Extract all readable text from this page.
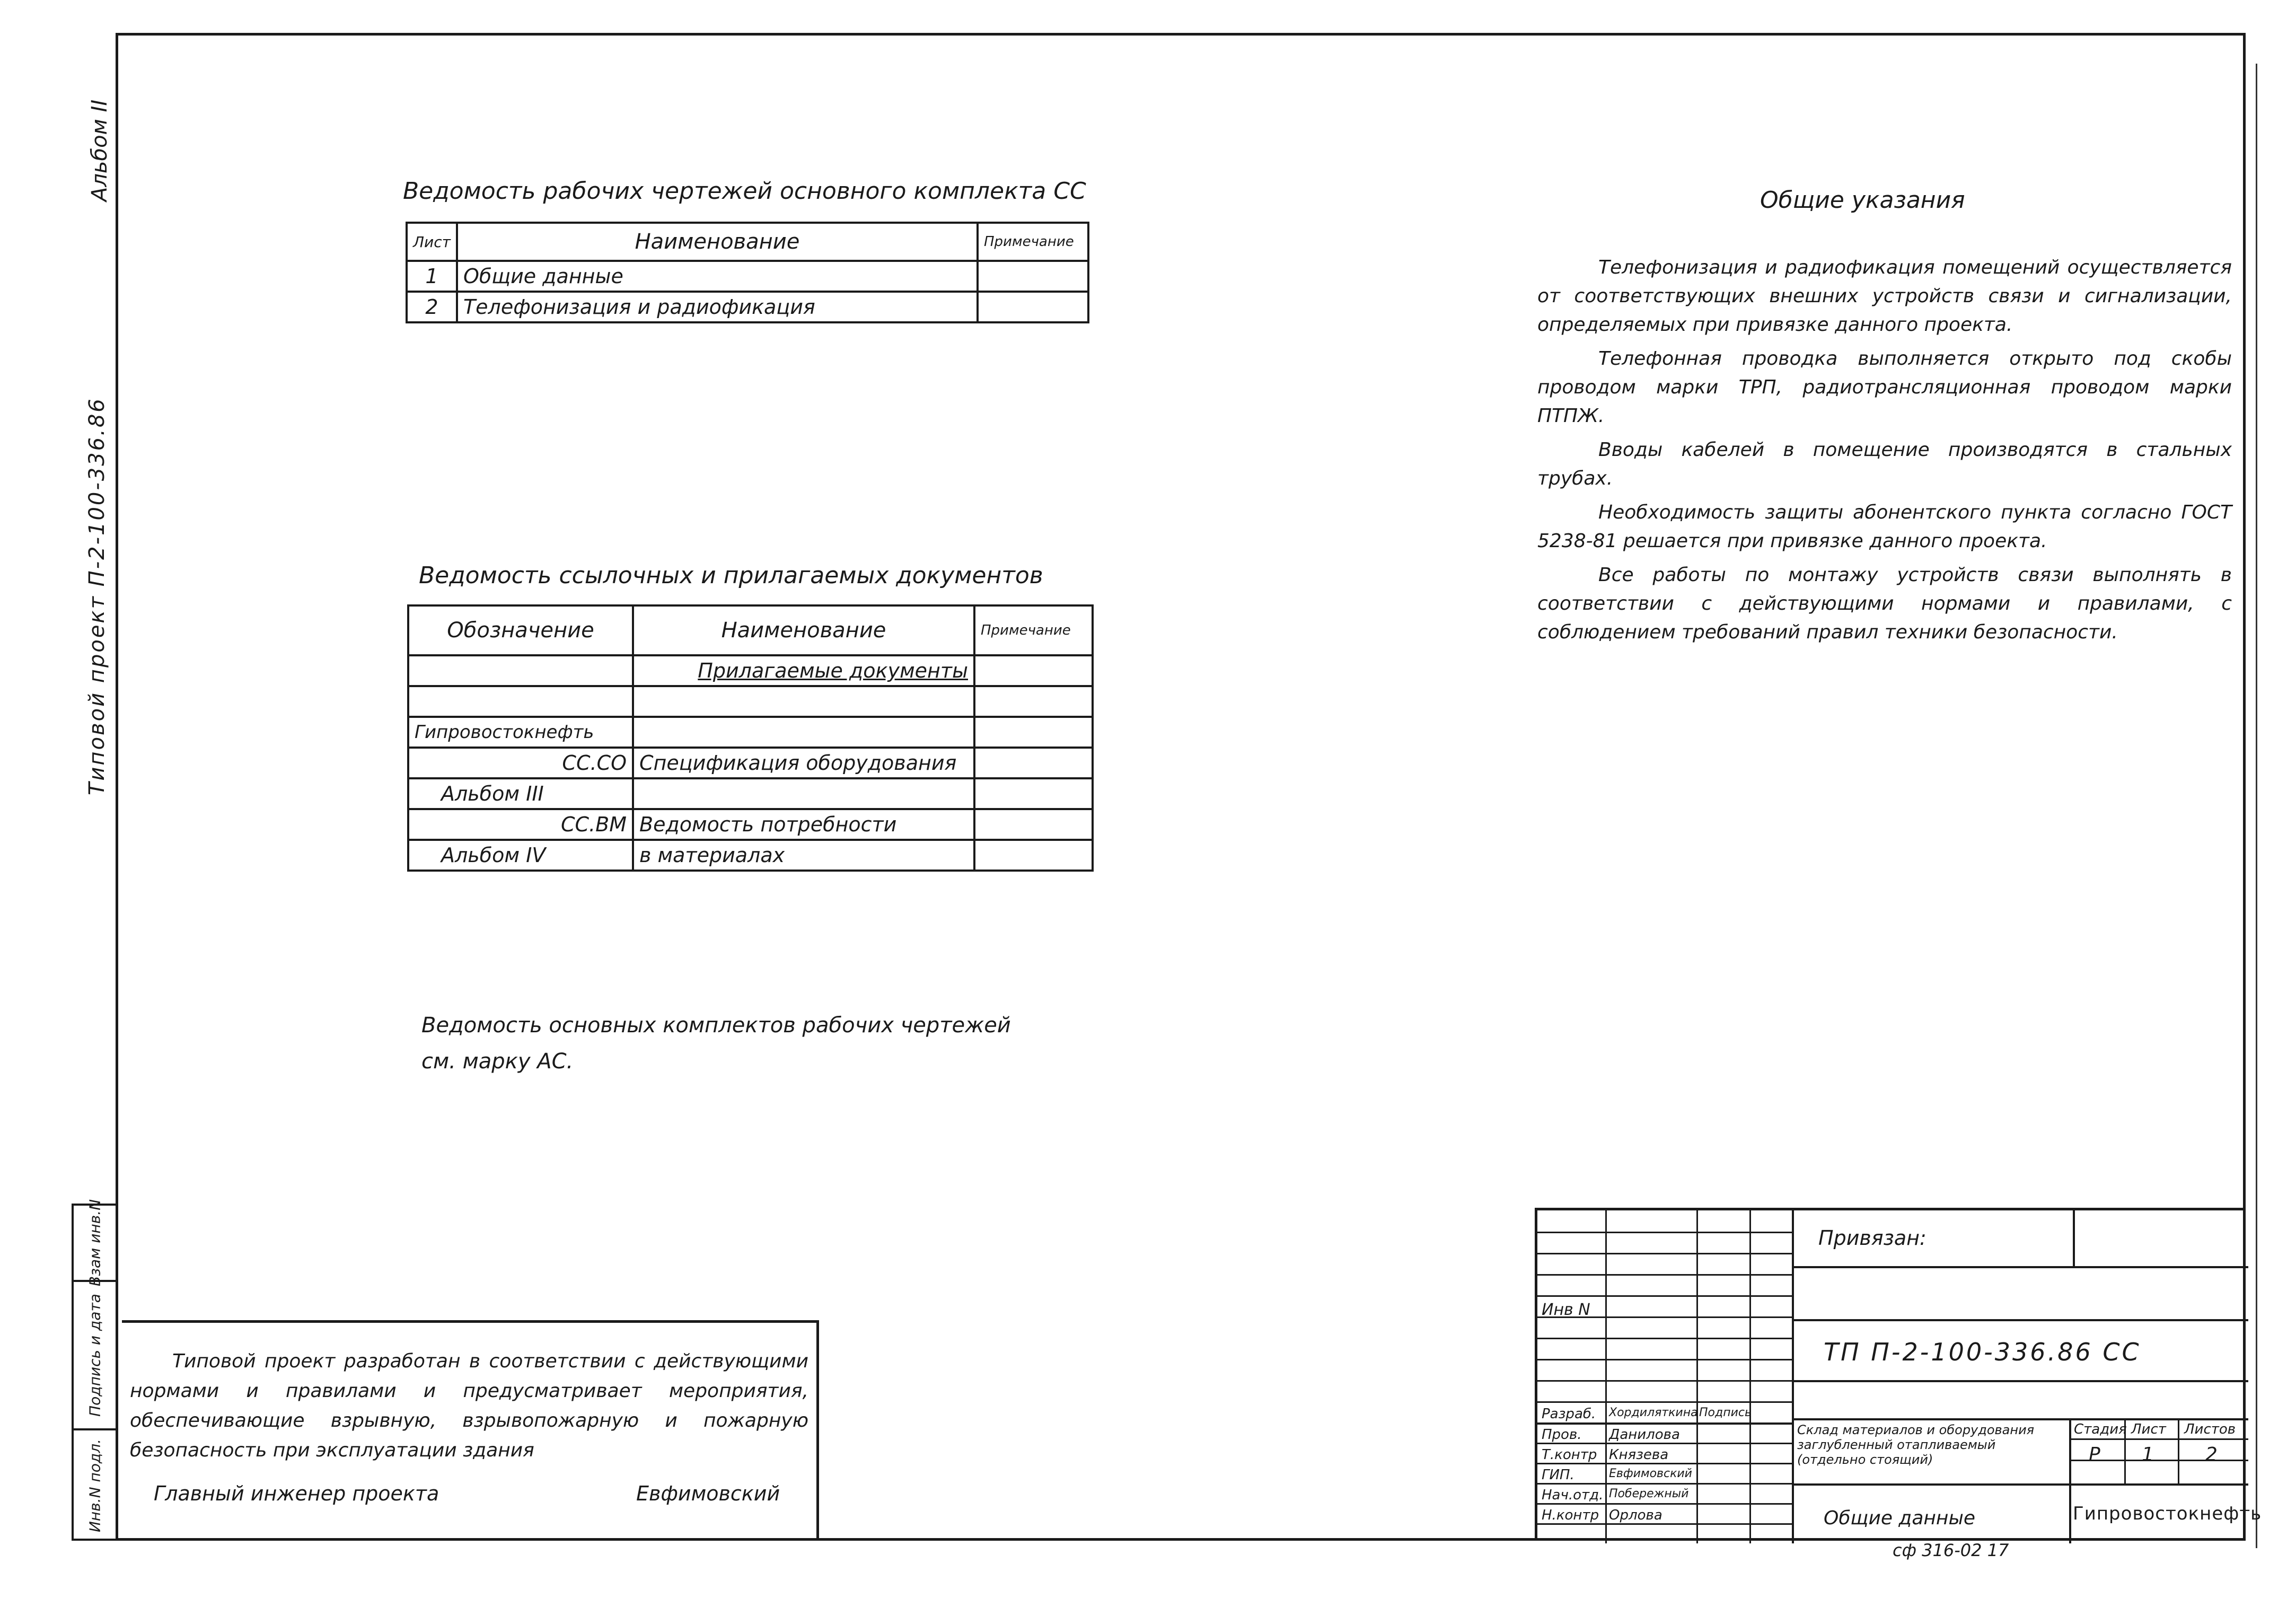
Альбом II
Типовой проект П-2-100-336.86
Взам инв.N
Подпись и дата
Инв.N подл.
Ведомость рабочих чертежей основного комплекта СС
Лист	Наименование	Примечание
1	Общие данные	
2	Телефонизация и радиофикация	
Ведомость ссылочных и прилагаемых документов
Обозначение	Наименование	Примечание
	Прилагаемые документы	

Гипровостокнефть		
СС.СО	Спецификация оборудования	
Альбом III		
СС.ВМ	Ведомость потребности	
Альбом IV	в материалах	
Ведомость основных комплектов рабочих чертежей
см. марку АС.
Общие указания

Телефонизация и радиофикация помещений осуществляется от соответствующих внешних устройств связи и сигнализации, определяемых при привязке данного проекта.

Телефонная проводка выполняется открыто под скобы проводом марки ТРП, радиотрансляционная проводом марки ПТПЖ.

Вводы кабелей в помещение производятся в стальных трубах.

Необходимость защиты абонентского пункта согласно ГОСТ 5238-81 решается при привязке данного проекта.

Все работы по монтажу устройств связи выполнять в соответствии с действующими нормами и правилами, с соблюдением требований правил техники безопасности.

Типовой проект разработан в соответствии с действующими нормами и правилами и предусматривает мероприятия, обеспечивающие взрывную, взрывопожарную и пожарную безопасность при эксплуатации здания
Главный инженер проекта	Евфимовский
Привязан:
Инв N
ТП П-2-100-336.86 СС
Разраб. Хордиляткина Подпись
Пров. Данилова
Т.контр Князева
ГИП.	Евфимовский
Нач.отд. Побережный
Н.контр Орлова
Склад материалов и оборудования заглубленный отапливаемый (отдельно стоящий)
Стадия Лист Листов
Р 1	2
Общие данные	Гипровостокнефть
сф 316-02 17
